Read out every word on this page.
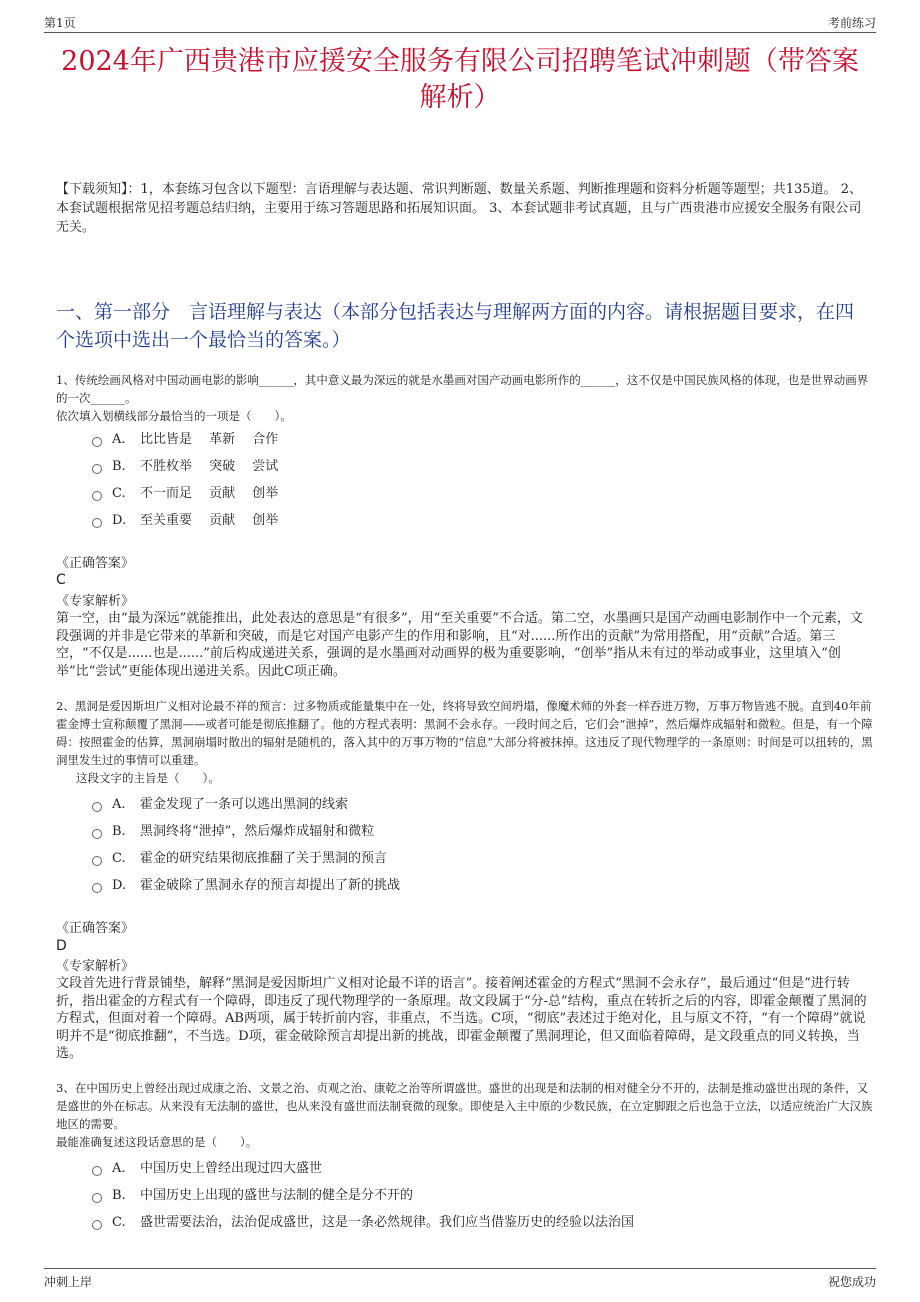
第1页	考前练习
2024年广西贵港市应援安全服务有限公司招聘笔试冲刺题（带答案解析）
【下载须知】：1，本套练习包含以下题型：言语理解与表达题、常识判断题、数量关系题、判断推理题和资料分析题等题型；共135道。 2、本套试题根据常见招考题总结归纳，主要用于练习答题思路和拓展知识面。 3、本套试题非考试真题，且与广西贵港市应援安全服务有限公司无关。
一、第一部分　言语理解与表达（本部分包括表达与理解两方面的内容。请根据题目要求，在四个选项中选出一个最恰当的答案。）
1、传统绘画风格对中国动画电影的影响______，其中意义最为深远的就是水墨画对国产动画电影所作的______，这不仅是中国民族风格的体现，也是世界动画界的一次______。
依次填入划横线部分最恰当的一项是（　　）。
A.	比比皆是　 革新　 合作
B.	不胜枚举　 突破　 尝试
C.	不一而足　 贡献　 创举
D.	至关重要　 贡献　 创举
《正确答案》
C
《专家解析》
第一空，由“最为深远”就能推出，此处表达的意思是“有很多”，用“至关重要”不合适。第二空，水墨画只是国产动画电影制作中一个元素，文段强调的并非是它带来的革新和突破，而是它对国产电影产生的作用和影响，且“对......所作出的贡献”为常用搭配，用“贡献”合适。第三空，“不仅是......也是......”前后构成递进关系，强调的是水墨画对动画界的极为重要影响，“创举”指从未有过的举动或事业，这里填入“创举”比“尝试”更能体现出递进关系。因此C项正确。
2、黑洞是爱因斯坦广义相对论最不祥的预言：过多物质或能量集中在一处，终将导致空间坍塌，像魔术师的外套一样吞进万物，万事万物皆逃不脱。直到40年前霍金博士宣称颠覆了黑洞——或者可能是彻底推翻了。他的方程式表明：黑洞不会永存。一段时间之后，它们会“泄掉”，然后爆炸成辐射和微粒。但是，有一个障碍：按照霍金的估算，黑洞崩塌时散出的辐射是随机的，落入其中的万事万物的“信息”大部分将被抹掉。这违反了现代物理学的一条原则：时间是可以扭转的，黑洞里发生过的事情可以重建。
这段文字的主旨是（　　）。
A.	霍金发现了一条可以逃出黑洞的线索
B.	黑洞终将“泄掉”，然后爆炸成辐射和微粒
C.	霍金的研究结果彻底推翻了关于黑洞的预言
D.	霍金破除了黑洞永存的预言却提出了新的挑战
《正确答案》
D
《专家解析》
文段首先进行背景铺垫，解释“黑洞是爱因斯坦广义相对论最不详的语言”。接着阐述霍金的方程式“黑洞不会永存”，最后通过“但是”进行转折，指出霍金的方程式有一个障碍，即违反了现代物理学的一条原理。故文段属于“分-总”结构，重点在转折之后的内容，即霍金颠覆了黑洞的方程式，但面对着一个障碍。AB两项，属于转折前内容，非重点，不当选。C项，“彻底”表述过于绝对化，且与原文不符，“有一个障碍”就说明并不是“彻底推翻”，不当选。D项，霍金破除预言却提出新的挑战，即霍金颠覆了黑洞理论，但又面临着障碍，是文段重点的同义转换，当选。
3、在中国历史上曾经出现过成康之治、文景之治、贞观之治、康乾之治等所谓盛世。盛世的出现是和法制的相对健全分不开的，法制是推动盛世出现的条件，又是盛世的外在标志。从来没有无法制的盛世，也从来没有盛世而法制衰微的现象。即使是入主中原的少数民族，在立定脚跟之后也急于立法，以适应统治广大汉族地区的需要。
最能准确复述这段话意思的是（　　）。
A.	中国历史上曾经出现过四大盛世
B.	中国历史上出现的盛世与法制的健全是分不开的
C.	盛世需要法治，法治促成盛世，这是一条必然规律。我们应当借鉴历史的经验以法治国
冲刺上岸	祝您成功
